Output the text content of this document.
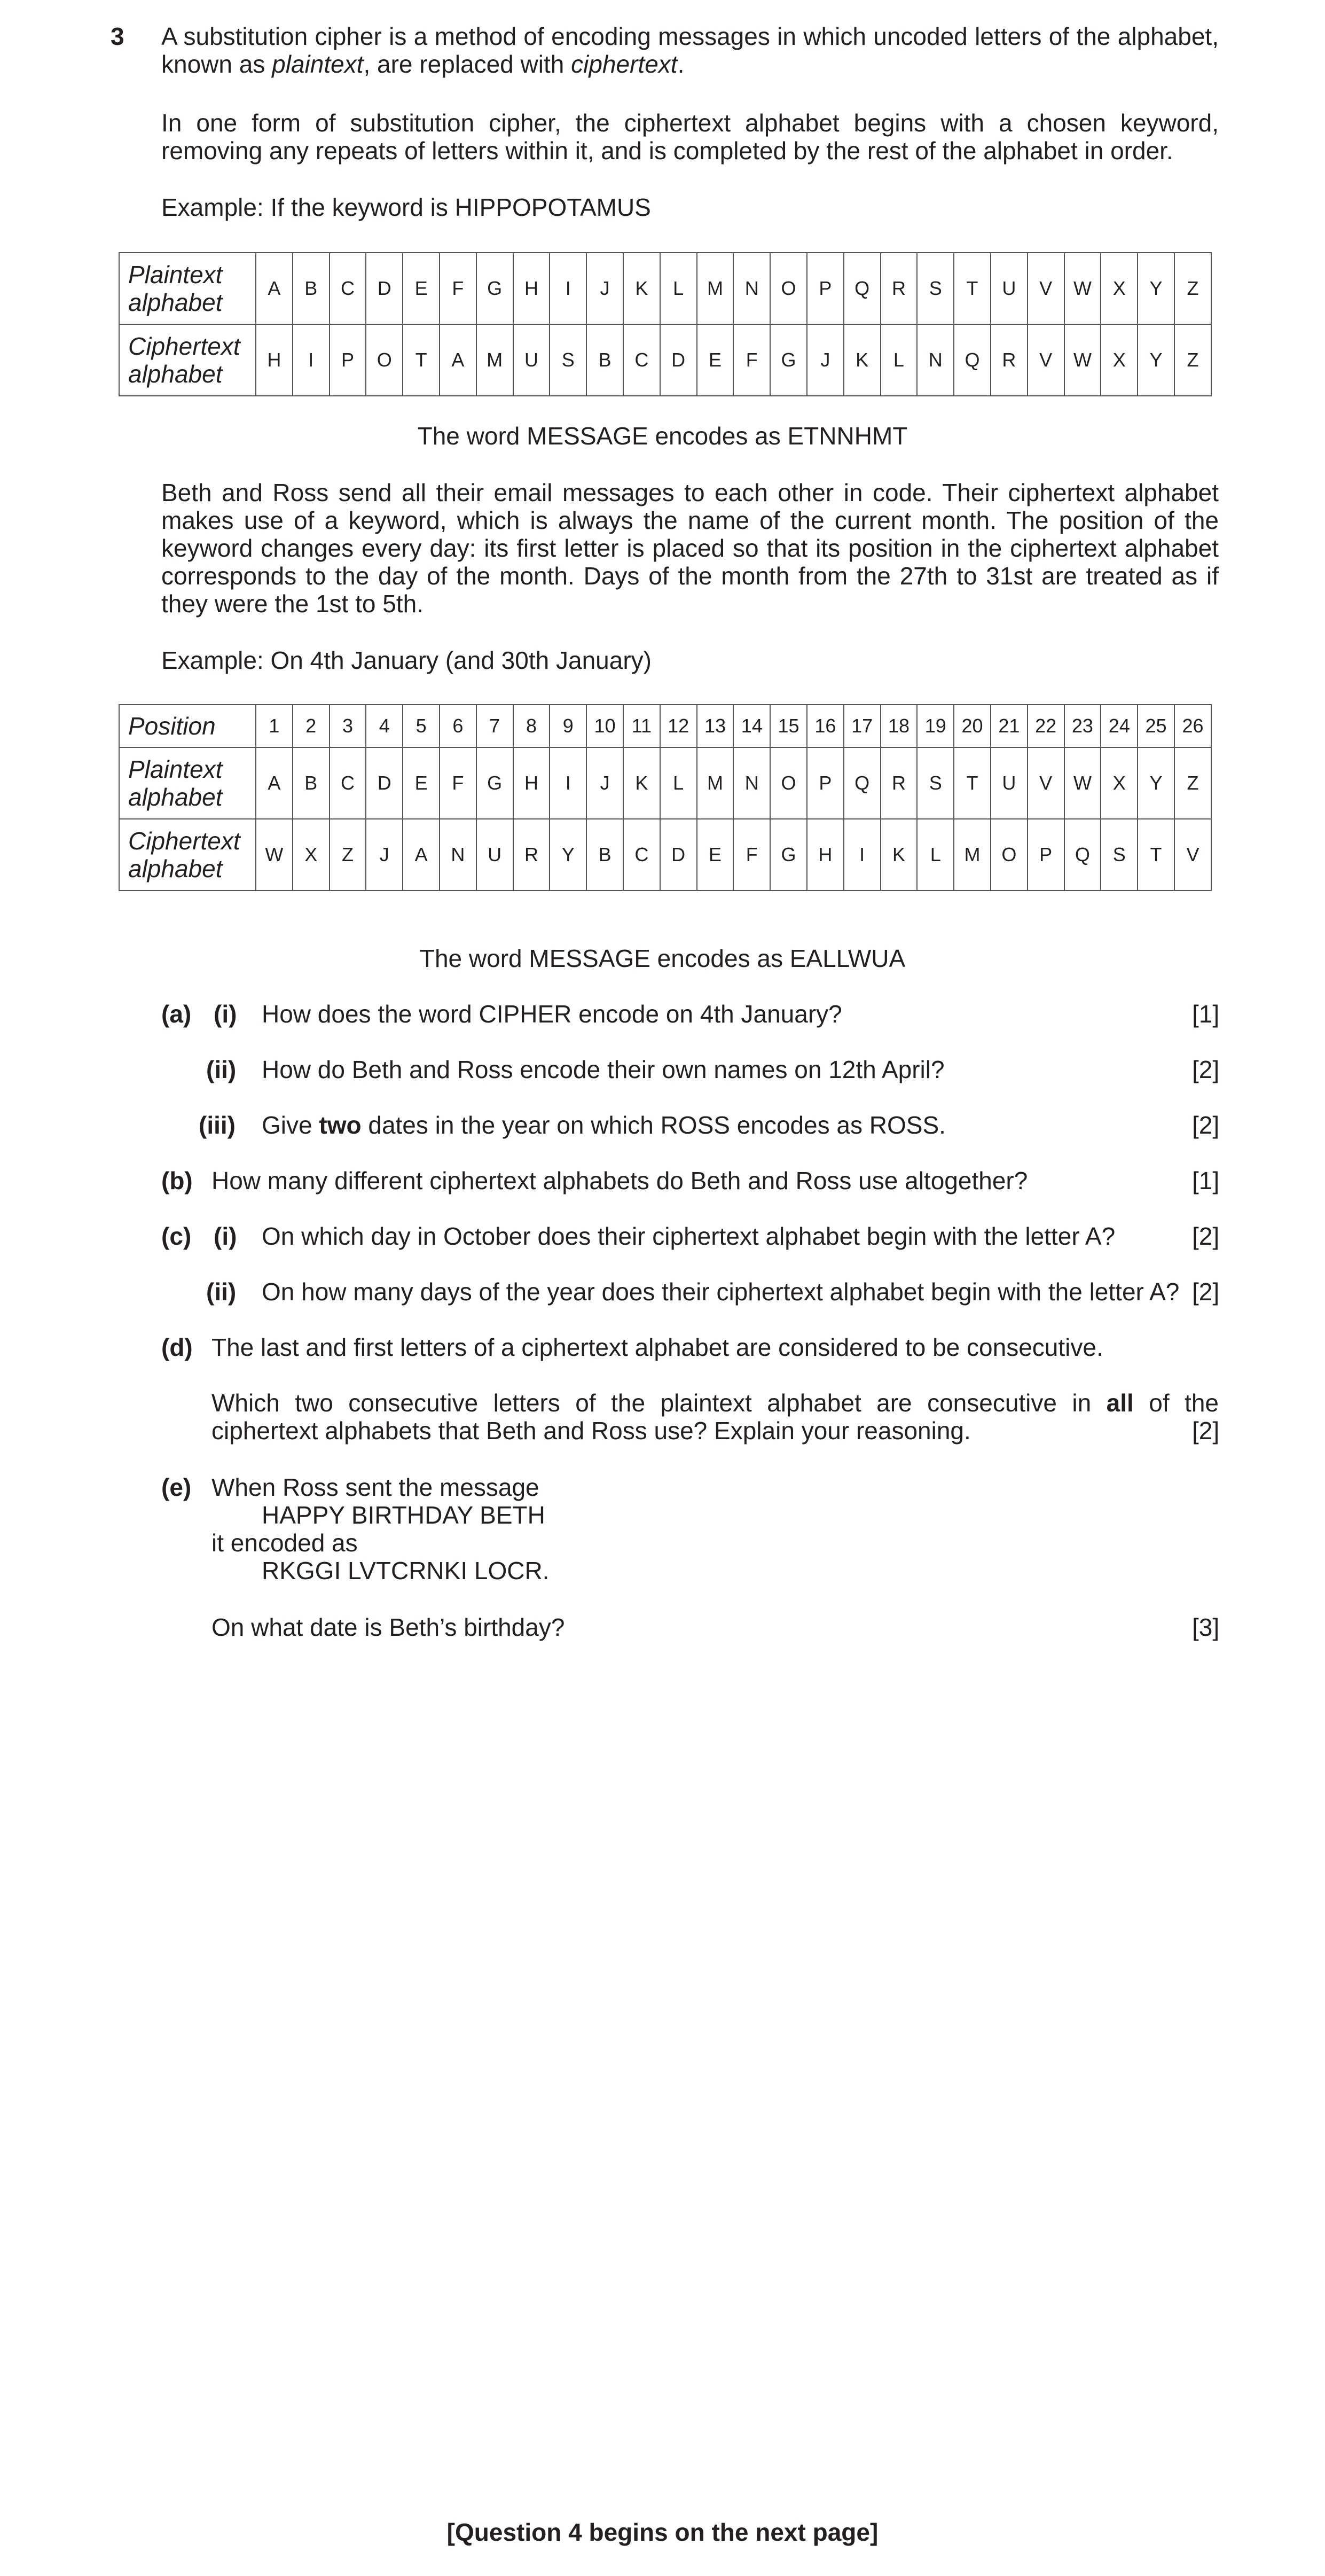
3 A substitution cipher is a method of encoding messages in which uncoded letters of the alphabet, known as plaintext, are replaced with ciphertext.
In one form of substitution cipher, the ciphertext alphabet begins with a chosen keyword, removing any repeats of letters within it, and is completed by the rest of the alphabet in order.
Example: If the keyword is HIPPOPOTAMUS
Plaintext alphabet	A	B	C	D	E	F	G	H	I	J	K	L	M	N	O	P	Q	R	S	T	U	V	W	X	Y	Z
Ciphertext alphabet	H	I	P	O	T	A	M	U	S	B	C	D	E	F	G	J	K	L	N	Q	R	V	W	X	Y	Z
The word MESSAGE encodes as ETNNHMT
Beth and Ross send all their email messages to each other in code. Their ciphertext alphabet makes use of a keyword, which is always the name of the current month. The position of the keyword changes every day: its first letter is placed so that its position in the ciphertext alphabet corresponds to the day of the month. Days of the month from the 27th to 31st are treated as if they were the 1st to 5th.
Example: On 4th January (and 30th January)
Position	1	2	3	4	5	6	7	8	9	10	11	12	13	14	15	16	17	18	19	20	21	22	23	24	25	26
Plaintext alphabet	A	B	C	D	E	F	G	H	I	J	K	L	M	N	O	P	Q	R	S	T	U	V	W	X	Y	Z
Ciphertext alphabet	W	X	Z	J	A	N	U	R	Y	B	C	D	E	F	G	H	I	K	L	M	O	P	Q	S	T	V
The word MESSAGE encodes as EALLWUA
(a) (i) How does the word CIPHER encode on 4th January?	[1]
(ii) How do Beth and Ross encode their own names on 12th April?	[2]
(iii) Give two dates in the year on which ROSS encodes as ROSS.	[2]
(b) How many different ciphertext alphabets do Beth and Ross use altogether?	[1]
(c) (i) On which day in October does their ciphertext alphabet begin with the letter A?	[2]
(ii) On how many days of the year does their ciphertext alphabet begin with the letter A? [2]
(d) The last and first letters of a ciphertext alphabet are considered to be consecutive.
Which two consecutive letters of the plaintext alphabet are consecutive in all of the ciphertext alphabets that Beth and Ross use? Explain your reasoning.	[2]
(e) When Ross sent the message
HAPPY BIRTHDAY BETH
it encoded as
RKGGI LVTCRNKI LOCR.
On what date is Beth’s birthday?	[3]
[Question 4 begins on the next page]
